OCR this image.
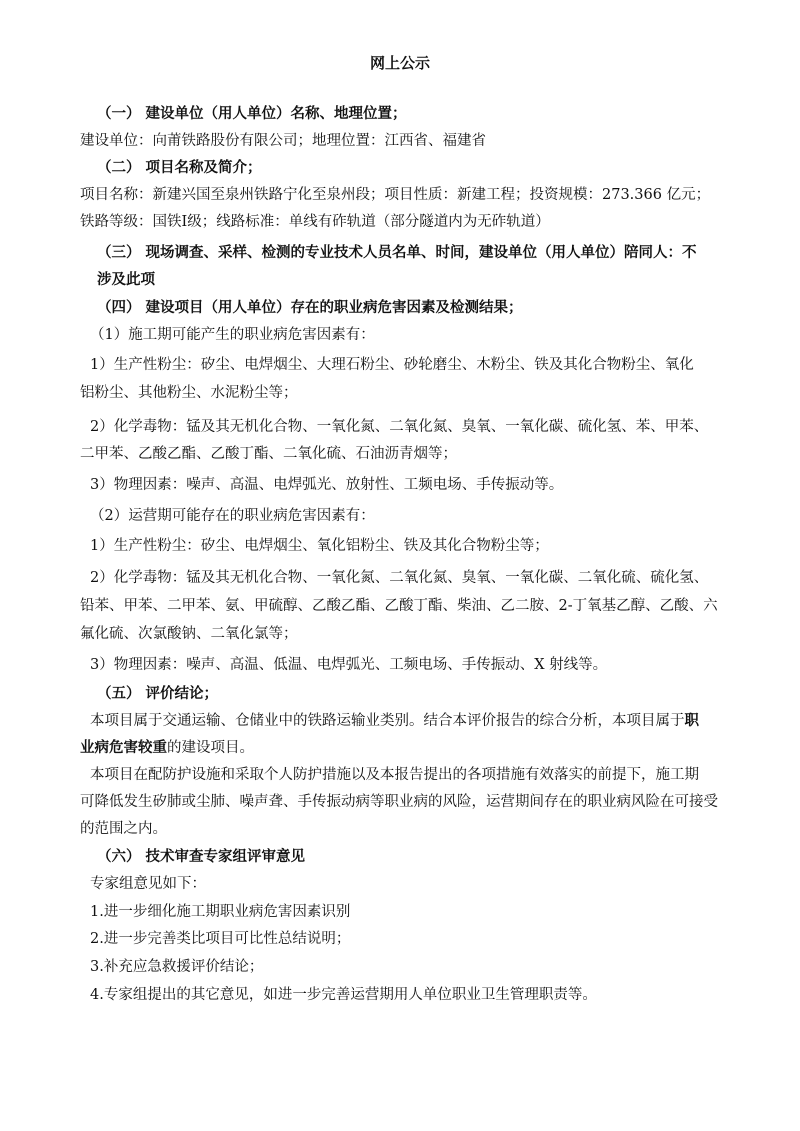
网上公示
（一） 建设单位（用人单位）名称、地理位置；
建设单位：向莆铁路股份有限公司；地理位置：江西省、福建省
（二） 项目名称及简介；
项目名称：新建兴国至泉州铁路宁化至泉州段；项目性质：新建工程；投资规模：273.366 亿元；
铁路等级：国铁Ⅰ级；线路标准：单线有砟轨道（部分隧道内为无砟轨道）
（三） 现场调查、采样、检测的专业技术人员名单、时间，建设单位（用人单位）陪同人：不
涉及此项
（四） 建设项目（用人单位）存在的职业病危害因素及检测结果；
（1）施工期可能产生的职业病危害因素有：
1）生产性粉尘：矽尘、电焊烟尘、大理石粉尘、砂轮磨尘、木粉尘、铁及其化合物粉尘、氧化
铝粉尘、其他粉尘、水泥粉尘等；
2）化学毒物：锰及其无机化合物、一氧化氮、二氧化氮、臭氧、一氧化碳、硫化氢、苯、甲苯、
二甲苯、乙酸乙酯、乙酸丁酯、二氧化硫、石油沥青烟等；
3）物理因素：噪声、高温、电焊弧光、放射性、工频电场、手传振动等。
（2）运营期可能存在的职业病危害因素有：
1）生产性粉尘：矽尘、电焊烟尘、氧化铝粉尘、铁及其化合物粉尘等；
2）化学毒物：锰及其无机化合物、一氧化氮、二氧化氮、臭氧、一氧化碳、二氧化硫、硫化氢、
铅苯、甲苯、二甲苯、氨、甲硫醇、乙酸乙酯、乙酸丁酯、柴油、乙二胺、2-丁氧基乙醇、乙酸、六
氟化硫、次氯酸钠、二氧化氯等；
3）物理因素：噪声、高温、低温、电焊弧光、工频电场、手传振动、X 射线等。
（五） 评价结论；
本项目属于交通运输、仓储业中的铁路运输业类别。结合本评价报告的综合分析，本项目属于职
业病危害较重的建设项目。
本项目在配防护设施和采取个人防护措施以及本报告提出的各项措施有效落实的前提下，施工期
可降低发生矽肺或尘肺、噪声聋、手传振动病等职业病的风险，运营期间存在的职业病风险在可接受
的范围之内。
（六） 技术审查专家组评审意见
专家组意见如下：
1.进一步细化施工期职业病危害因素识别
2.进一步完善类比项目可比性总结说明；
3.补充应急救援评价结论；
4.专家组提出的其它意见，如进一步完善运营期用人单位职业卫生管理职责等。
